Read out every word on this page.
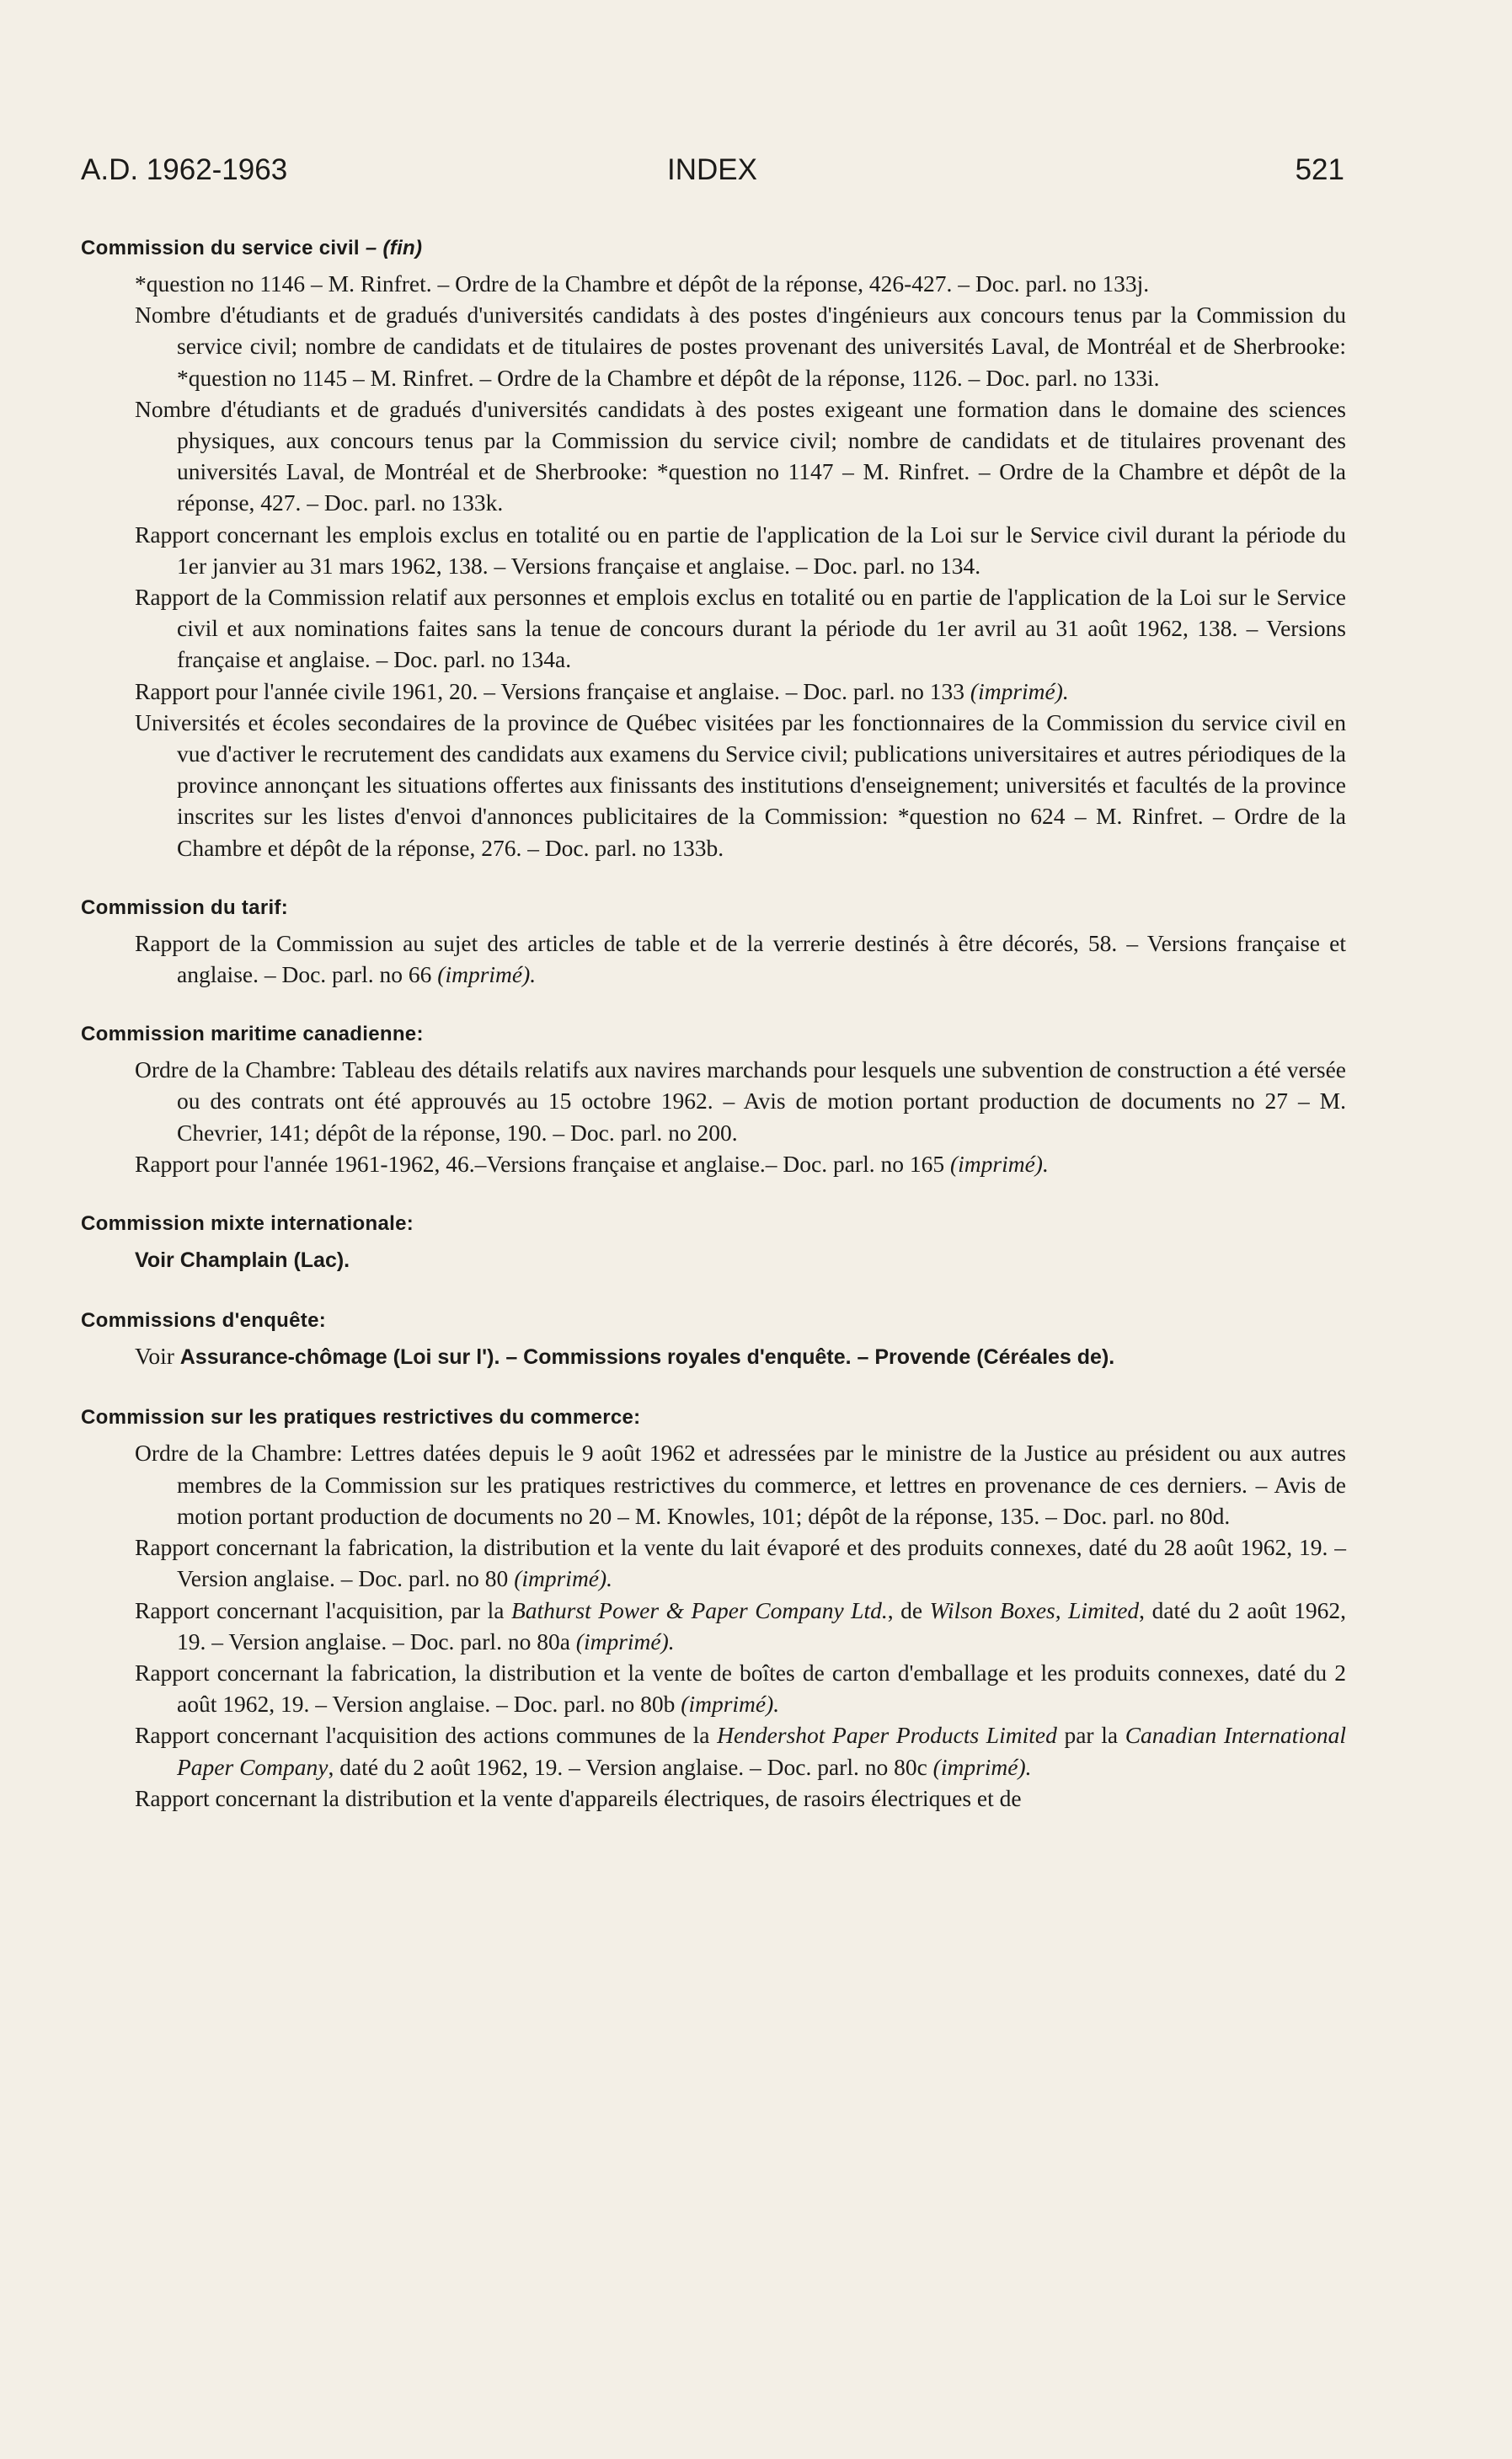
A.D. 1962-1963	INDEX	521

Commission du service civil – (fin)

*question no 1146 – M. Rinfret. – Ordre de la Chambre et dépôt de la réponse, 426-427. – Doc. parl. no 133j.

Nombre d'étudiants et de gradués d'universités candidats à des postes d'ingénieurs aux concours tenus par la Commission du service civil; nombre de candidats et de titulaires de postes provenant des universités Laval, de Montréal et de Sherbrooke: *question no 1145 – M. Rinfret. – Ordre de la Chambre et dépôt de la réponse, 1126. – Doc. parl. no 133i.

Nombre d'étudiants et de gradués d'universités candidats à des postes exigeant une formation dans le domaine des sciences physiques, aux concours tenus par la Commission du service civil; nombre de candidats et de titulaires provenant des universités Laval, de Montréal et de Sherbrooke: *question no 1147 – M. Rinfret. – Ordre de la Chambre et dépôt de la réponse, 427. – Doc. parl. no 133k.

Rapport concernant les emplois exclus en totalité ou en partie de l'application de la Loi sur le Service civil durant la période du 1er janvier au 31 mars 1962, 138. – Versions française et anglaise. – Doc. parl. no 134.

Rapport de la Commission relatif aux personnes et emplois exclus en totalité ou en partie de l'application de la Loi sur le Service civil et aux nominations faites sans la tenue de concours durant la période du 1er avril au 31 août 1962, 138. – Versions française et anglaise. – Doc. parl. no 134a.

Rapport pour l'année civile 1961, 20. – Versions française et anglaise. – Doc. parl. no 133 (imprimé).

Universités et écoles secondaires de la province de Québec visitées par les fonctionnaires de la Commission du service civil en vue d'activer le recrutement des candidats aux examens du Service civil; publications universitaires et autres périodiques de la province annonçant les situations offertes aux finissants des institutions d'enseignement; universités et facultés de la province inscrites sur les listes d'envoi d'annonces publicitaires de la Commission: *question no 624 – M. Rinfret. – Ordre de la Chambre et dépôt de la réponse, 276. – Doc. parl. no 133b.

Commission du tarif:

Rapport de la Commission au sujet des articles de table et de la verrerie destinés à être décorés, 58. – Versions française et anglaise. – Doc. parl. no 66 (imprimé).

Commission maritime canadienne:

Ordre de la Chambre: Tableau des détails relatifs aux navires marchands pour lesquels une subvention de construction a été versée ou des contrats ont été approuvés au 15 octobre 1962. – Avis de motion portant production de documents no 27 – M. Chevrier, 141; dépôt de la réponse, 190. – Doc. parl. no 200.

Rapport pour l'année 1961-1962, 46.–Versions française et anglaise.– Doc. parl. no 165 (imprimé).

Commission mixte internationale:

Voir Champlain (Lac).

Commissions d'enquête:

Voir Assurance-chômage (Loi sur l'). – Commissions royales d'enquête. – Provende (Céréales de).

Commission sur les pratiques restrictives du commerce:

Ordre de la Chambre: Lettres datées depuis le 9 août 1962 et adressées par le ministre de la Justice au président ou aux autres membres de la Commission sur les pratiques restrictives du commerce, et lettres en provenance de ces derniers. – Avis de motion portant production de documents no 20 – M. Knowles, 101; dépôt de la réponse, 135. – Doc. parl. no 80d.

Rapport concernant la fabrication, la distribution et la vente du lait évaporé et des produits connexes, daté du 28 août 1962, 19. – Version anglaise. – Doc. parl. no 80 (imprimé).

Rapport concernant l'acquisition, par la Bathurst Power & Paper Company Ltd., de Wilson Boxes, Limited, daté du 2 août 1962, 19. – Version anglaise. – Doc. parl. no 80a (imprimé).

Rapport concernant la fabrication, la distribution et la vente de boîtes de carton d'emballage et les produits connexes, daté du 2 août 1962, 19. – Version anglaise. – Doc. parl. no 80b (imprimé).

Rapport concernant l'acquisition des actions communes de la Hendershot Paper Products Limited par la Canadian International Paper Company, daté du 2 août 1962, 19. – Version anglaise. – Doc. parl. no 80c (imprimé).

Rapport concernant la distribution et la vente d'appareils électriques, de rasoirs électriques et de
